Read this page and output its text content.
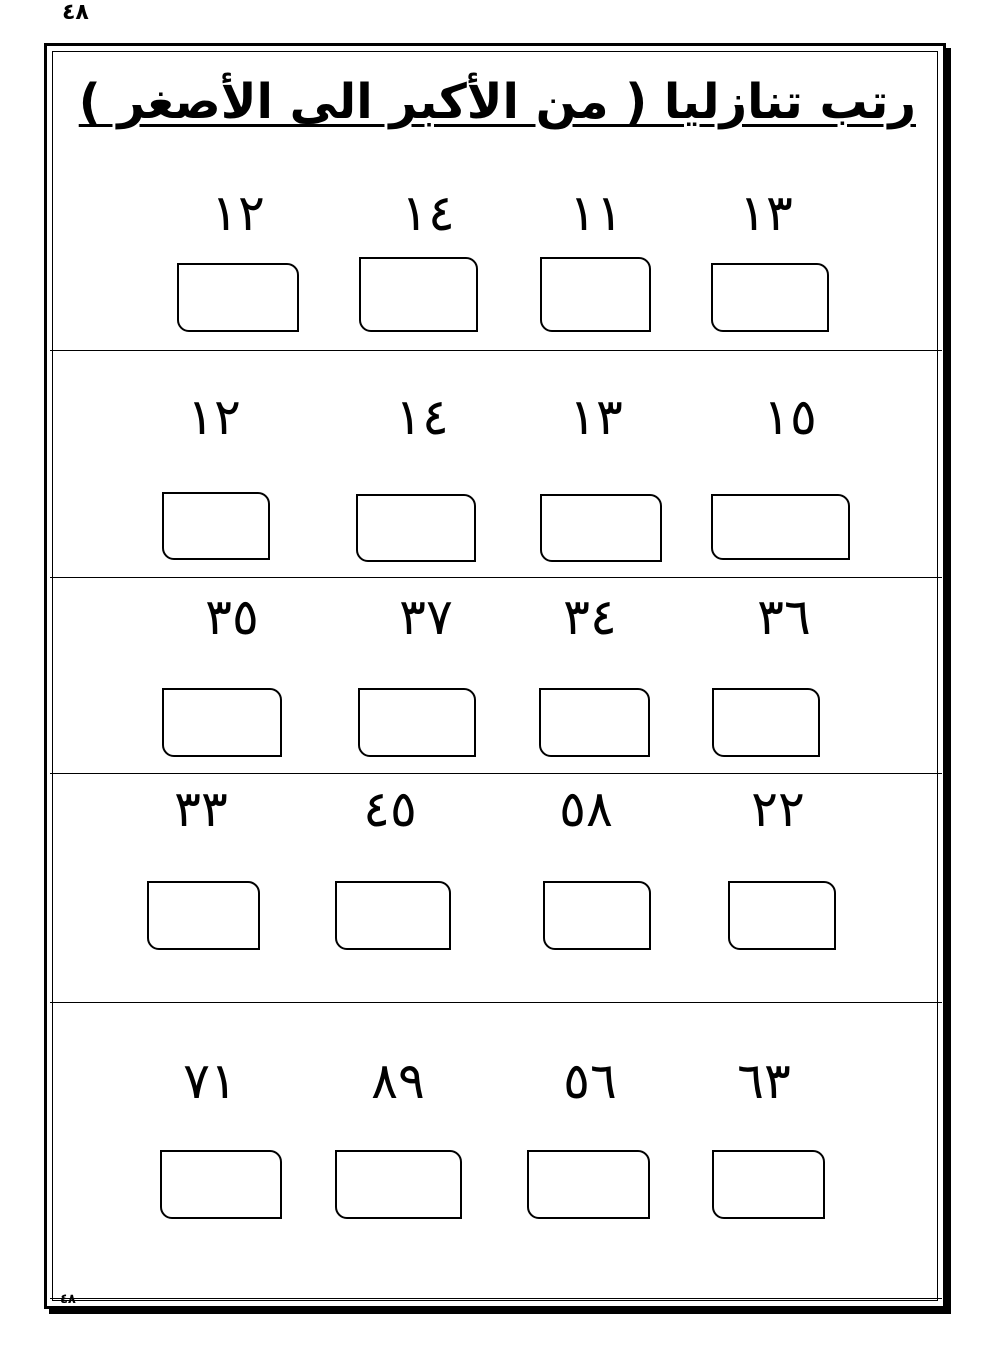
٤٨
رتب تنازليا ( من الأكبر الى الأصغر )
١٢	١٤	١١	١٣
١٢	١٤	١٣	١٥
٣٥	٣٧	٣٤	٣٦
٣٣	٤٥	٥٨	٢٢
٧١	٨٩	٥٦	٦٣
٤٨
